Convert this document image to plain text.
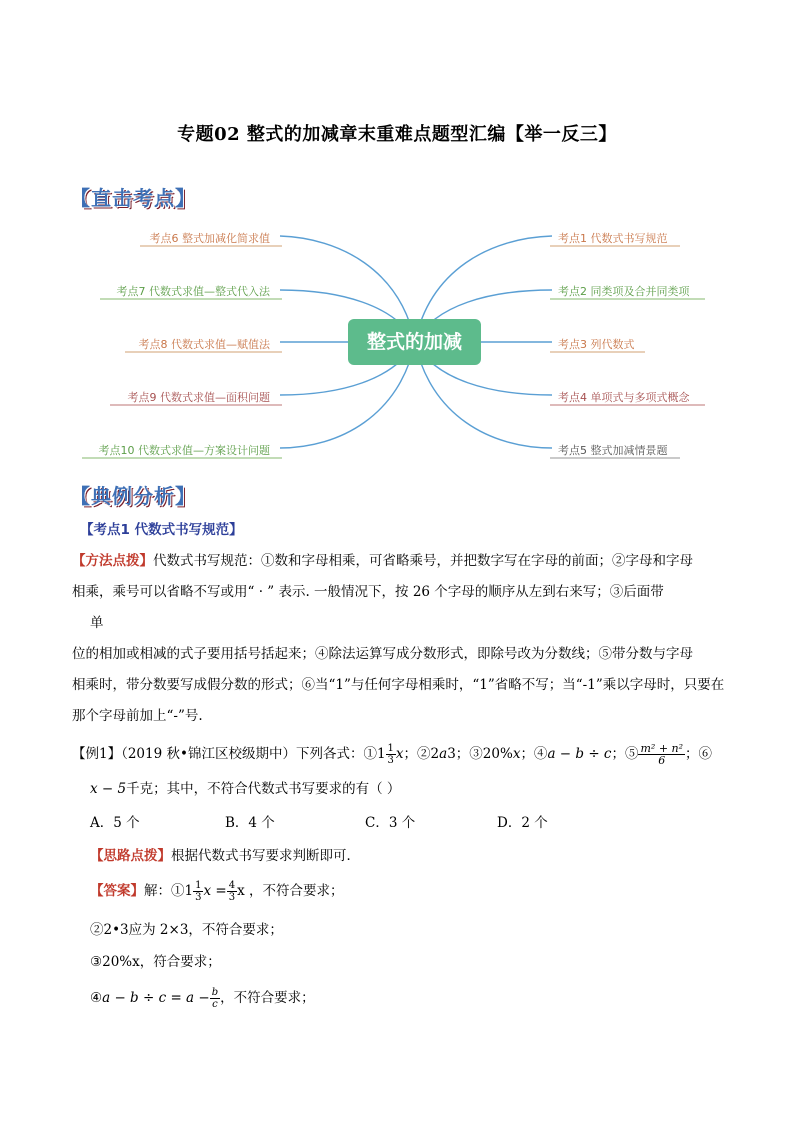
专题02 整式的加减章末重难点题型汇编【举一反三】
【直击考点】
考点6 整式加减化简求值
考点7 代数式求值—整式代入法
考点8 代数式求值—赋值法
考点9 代数式求值—面积问题
考点10 代数式求值—方案设计问题
考点1 代数式书写规范
考点2 同类项及合并同类项
考点3 列代数式
考点4 单项式与多项式概念
考点5 整式加减情景题
整式的加减
【典例分析】
【考点1 代数式书写规范】
【方法点拨】代数式书写规范：①数和字母相乘，可省略乘号，并把数字写在字母的前面；②字母和字母
相乘，乘号可以省略不写或用“ · ” 表示. 一般情况下，按 26 个字母的顺序从左到右来写；③后面带
单
位的相加或相减的式子要用括号括起来；④除法运算写成分数形式，即除号改为分数线；⑤带分数与字母
相乘时，带分数要写成假分数的形式；⑥当“1”与任何字母相乘时，“1”省略不写；当“-1”乘以字母时，只要在
那个字母前加上“-”号.
【例1】（2019 秋•锦江区校级期中）下列各式：①1 $\frac{1}{3}$ x；②2a3；③20%x；④a − b ÷ c；⑤ $\frac{\text{m² + n²}}{6}$ ；⑥
x − 5千克；其中，不符合代数式书写要求的有（ ）
A．5 个	B．4 个	C．3 个	D．2 个
【思路点拨】根据代数式书写要求判断即可．
【答案】解：①1 $\frac{1}{3}$ $x = \frac{4}{3}$ x ，不符合要求；
②2•3应为 2×3，不符合要求；
③20%x，符合要求；
④a − $b \div c = a - \frac{b}{c}$ ，不符合要求；
